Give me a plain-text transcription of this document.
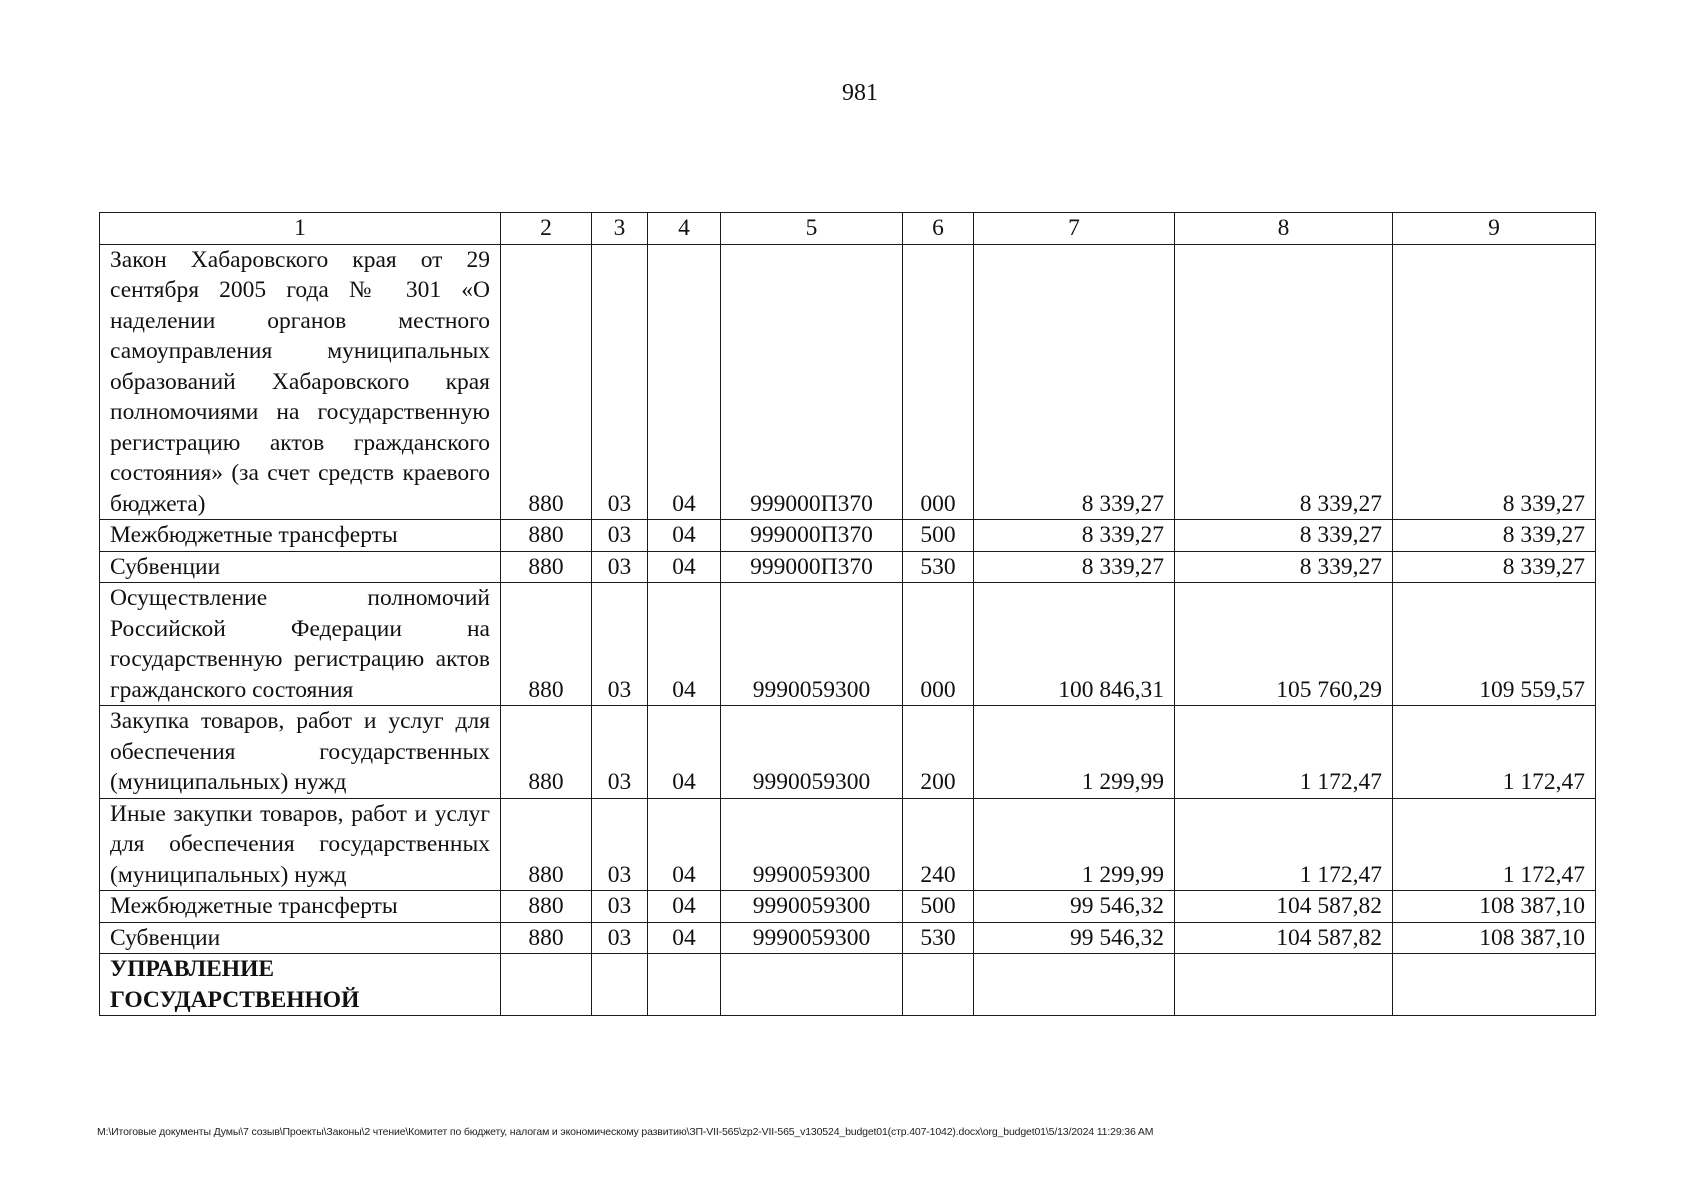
981
1	2	3	4	5	6	7	8	9
Закон Хабаровского края от 29 сентября 2005 года № 301 «О наделении органов местного самоуправления муниципальных образований Хабаровского края полномочиями на государственную регистрацию актов гражданского состояния» (за счет средств краевого бюджета)	880	03	04	999000П370	000	8 339,27	8 339,27	8 339,27
Межбюджетные трансферты	880	03	04	999000П370	500	8 339,27	8 339,27	8 339,27
Субвенции	880	03	04	999000П370	530	8 339,27	8 339,27	8 339,27
Осуществление полномочий Российской Федерации на государственную регистрацию актов гражданского состояния	880	03	04	9990059300	000	100 846,31	105 760,29	109 559,57
Закупка товаров, работ и услуг для обеспечения государственных (муниципальных) нужд	880	03	04	9990059300	200	1 299,99	1 172,47	1 172,47
Иные закупки товаров, работ и услуг для обеспечения государственных (муниципальных) нужд	880	03	04	9990059300	240	1 299,99	1 172,47	1 172,47
Межбюджетные трансферты	880	03	04	9990059300	500	99 546,32	104 587,82	108 387,10
Субвенции	880	03	04	9990059300	530	99 546,32	104 587,82	108 387,10
УПРАВЛЕНИЕ ГОСУДАРСТВЕННОЙ								
M:\Итоговые документы Думы\7 созыв\Проекты\Законы\2 чтение\Комитет по бюджету, налогам и экономическому развитию\ЗП-VII-565\zp2-VII-565_v130524_budget01(стр.407-1042).docx\org_budget01\5/13/2024 11:29:36 AM
